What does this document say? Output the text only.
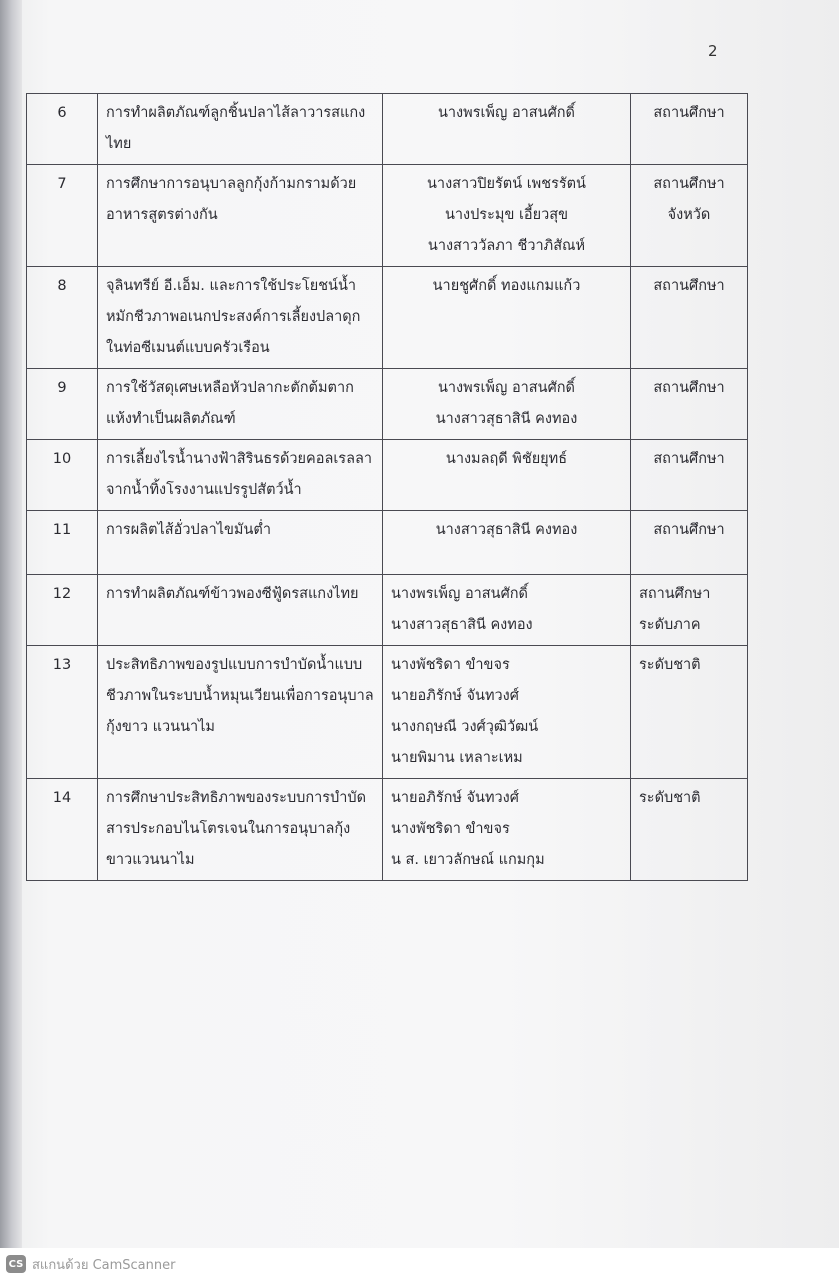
2
6	การทำผลิตภัณฑ์ลูกชิ้นปลาไส้ลาวารสแกงไทย	นางพรเพ็ญ อาสนศักดิ์	สถานศึกษา

7	การศึกษาการอนุบาลลูกกุ้งก้ามกรามด้วยอาหารสูตรต่างกัน	นางสาวปิยรัตน์ เพชรรัตน์
นางประมุข เอี้ยวสุข
นางสาววัลภา ชีวาภิสัณห์	สถานศึกษา
จังหวัด

8	จุลินทรีย์ อี.เอ็ม. และการใช้ประโยชน์น้ำหมักชีวภาพอเนกประสงค์การเลี้ยงปลาดุกในท่อซีเมนต์แบบครัวเรือน	นายชูศักดิ์ ทองแกมแก้ว	สถานศึกษา

9	การใช้วัสดุเศษเหลือหัวปลากะตักต้มตากแห้งทำเป็นผลิตภัณฑ์	นางพรเพ็ญ อาสนศักดิ์
นางสาวสุธาสินี คงทอง	สถานศึกษา

10	การเลี้ยงไรน้ำนางฟ้าสิรินธรด้วยคอลเรลลาจากน้ำทิ้งโรงงานแปรรูปสัตว์น้ำ	นางมลฤดี พิชัยยุทธ์	สถานศึกษา

11	การผลิตไส้อั่วปลาไขมันต่ำ	นางสาวสุธาสินี คงทอง	สถานศึกษา

12	การทำผลิตภัณฑ์ข้าวพองซีฟู้ดรสแกงไทย	นางพรเพ็ญ อาสนศักดิ์
นางสาวสุธาสินี คงทอง	สถานศึกษา
ระดับภาค

13	ประสิทธิภาพของรูปแบบการบำบัดน้ำแบบชีวภาพในระบบน้ำหมุนเวียนเพื่อการอนุบาลกุ้งขาว แวนนาไม	นางพัชริดา ขำขจร
นายอภิรักษ์ จันทวงศ์
นางกฤษณี วงศ์วุฒิวัฒน์
นายพิมาน เหลาะเหม	ระดับชาติ

14	การศึกษาประสิทธิภาพของระบบการบำบัดสารประกอบไนโตรเจนในการอนุบาลกุ้งขาวแวนนาไม	นายอภิรักษ์ จันทวงศ์
นางพัชริดา ขำขจร
น ส. เยาวลักษณ์ แกมกุม	ระดับชาติ
CS สแกนด้วย CamScanner
